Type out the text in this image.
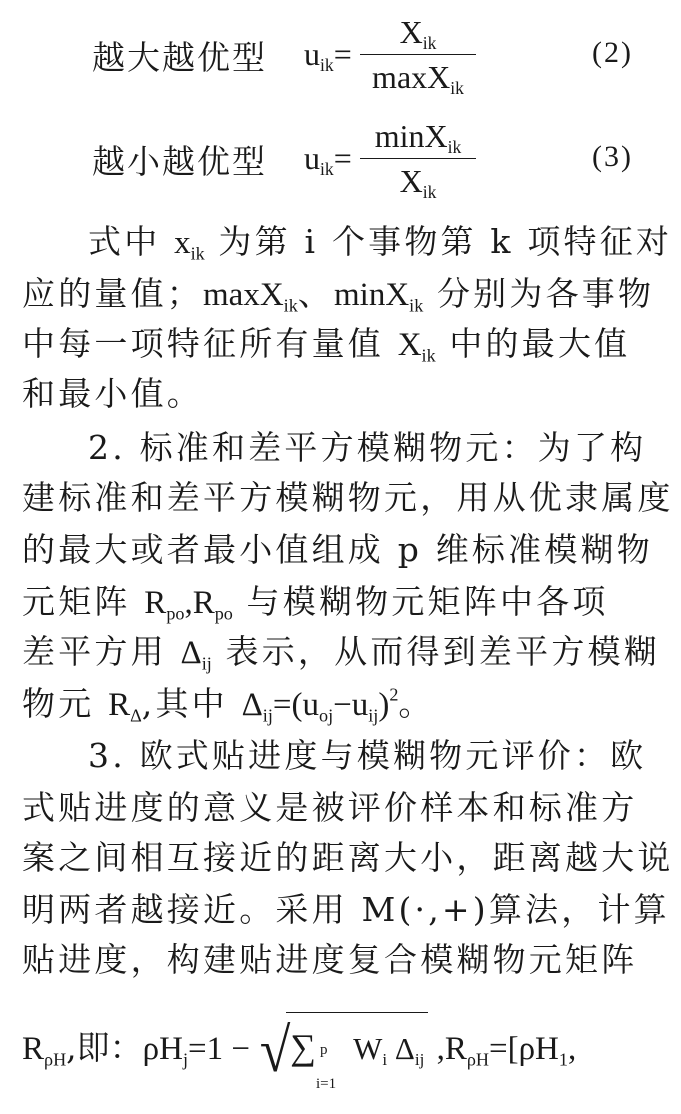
越大越优型 $u_{ik}=$
$X_{ik}$
maxX$_{ik}$
(2)
越小越优型 $u_{ik}=$
minX$_{ik}$
$X_{ik}$
(3)
式中 $x_{ik}$ 为第 i 个事物第 k 项特征对
应的量值；maxX$_{ik}$、minX$_{ik}$ 分别为各事物
中每一项特征所有量值 $X_{ik}$ 中的最大值
和最小值。
2. 标准和差平方模糊物元：为了构
建标准和差平方模糊物元，用从优隶属度
的最大或者最小值组成 p 维标准模糊物
元矩阵 $R_{po},R_{po}$ 与模糊物元矩阵中各项
差平方用 $\Delta_{ij}$ 表示，从而得到差平方模糊
物元 $R_\Delta$,其中 $\Delta_{ij}=(u_{oj}-u_{ij})^2$。
3. 欧式贴进度与模糊物元评价：欧
式贴进度的意义是被评价样本和标准方
案之间相互接近的距离大小，距离越大说
明两者越接近。采用 M(·,+)算法，计算
贴进度，构建贴进度复合模糊物元矩阵
$R_{\rho H}$,即：$\rho H_j=1$ − √∑ p
i=1
$W_i$ $\Delta_{ij}$ $,R_{\rho H}=[\rho H_1$,
